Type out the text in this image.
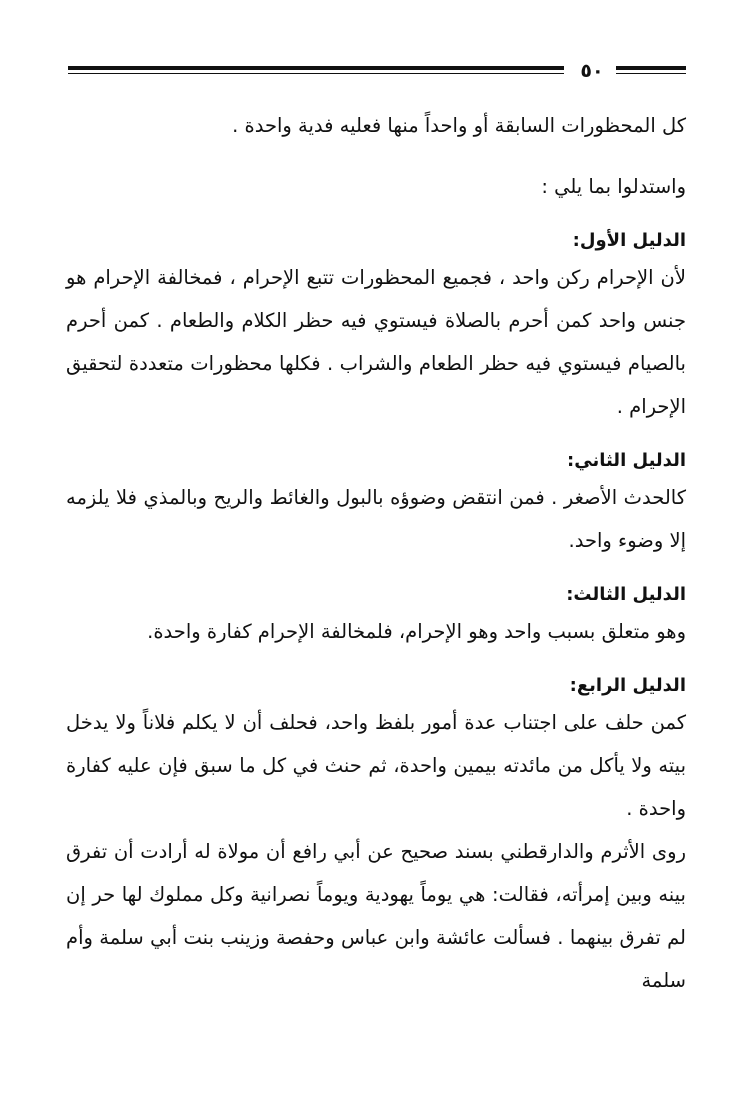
٥٠

كل المحظورات السابقة أو واحداً منها فعليه فدية واحدة .

واستدلوا بما يلي :

الدليل الأول:

لأن الإحرام ركن واحد ، فجميع المحظورات تتبع الإحرام ، فمخالفة الإحرام هو جنس واحد كمن أحرم بالصلاة فيستوي فيه حظر الكلام والطعام . كمن أحرم بالصيام فيستوي فيه حظر الطعام والشراب . فكلها محظورات متعددة لتحقيق الإحرام .

الدليل الثاني:

كالحدث الأصغر . فمن انتقض وضوؤه بالبول والغائط والريح وبالمذي فلا يلزمه إلا وضوء واحد.

الدليل الثالث:

وهو متعلق بسبب واحد وهو الإحرام، فلمخالفة الإحرام كفارة واحدة.

الدليل الرابع:

كمن حلف على اجتناب عدة أمور بلفظ واحد، فحلف أن لا يكلم فلاناً ولا يدخل بيته ولا يأكل من مائدته بيمين واحدة، ثم حنث في كل ما سبق فإن عليه كفارة واحدة .

روى الأثرم والدارقطني بسند صحيح عن أبي رافع أن مولاة له أرادت أن تفرق بينه وبين إمرأته، فقالت: هي يوماً يهودية ويوماً نصرانية وكل مملوك لها حر إن لم تفرق بينهما . فسألت عائشة وابن عباس وحفصة وزينب بنت أبي سلمة وأم سلمة
